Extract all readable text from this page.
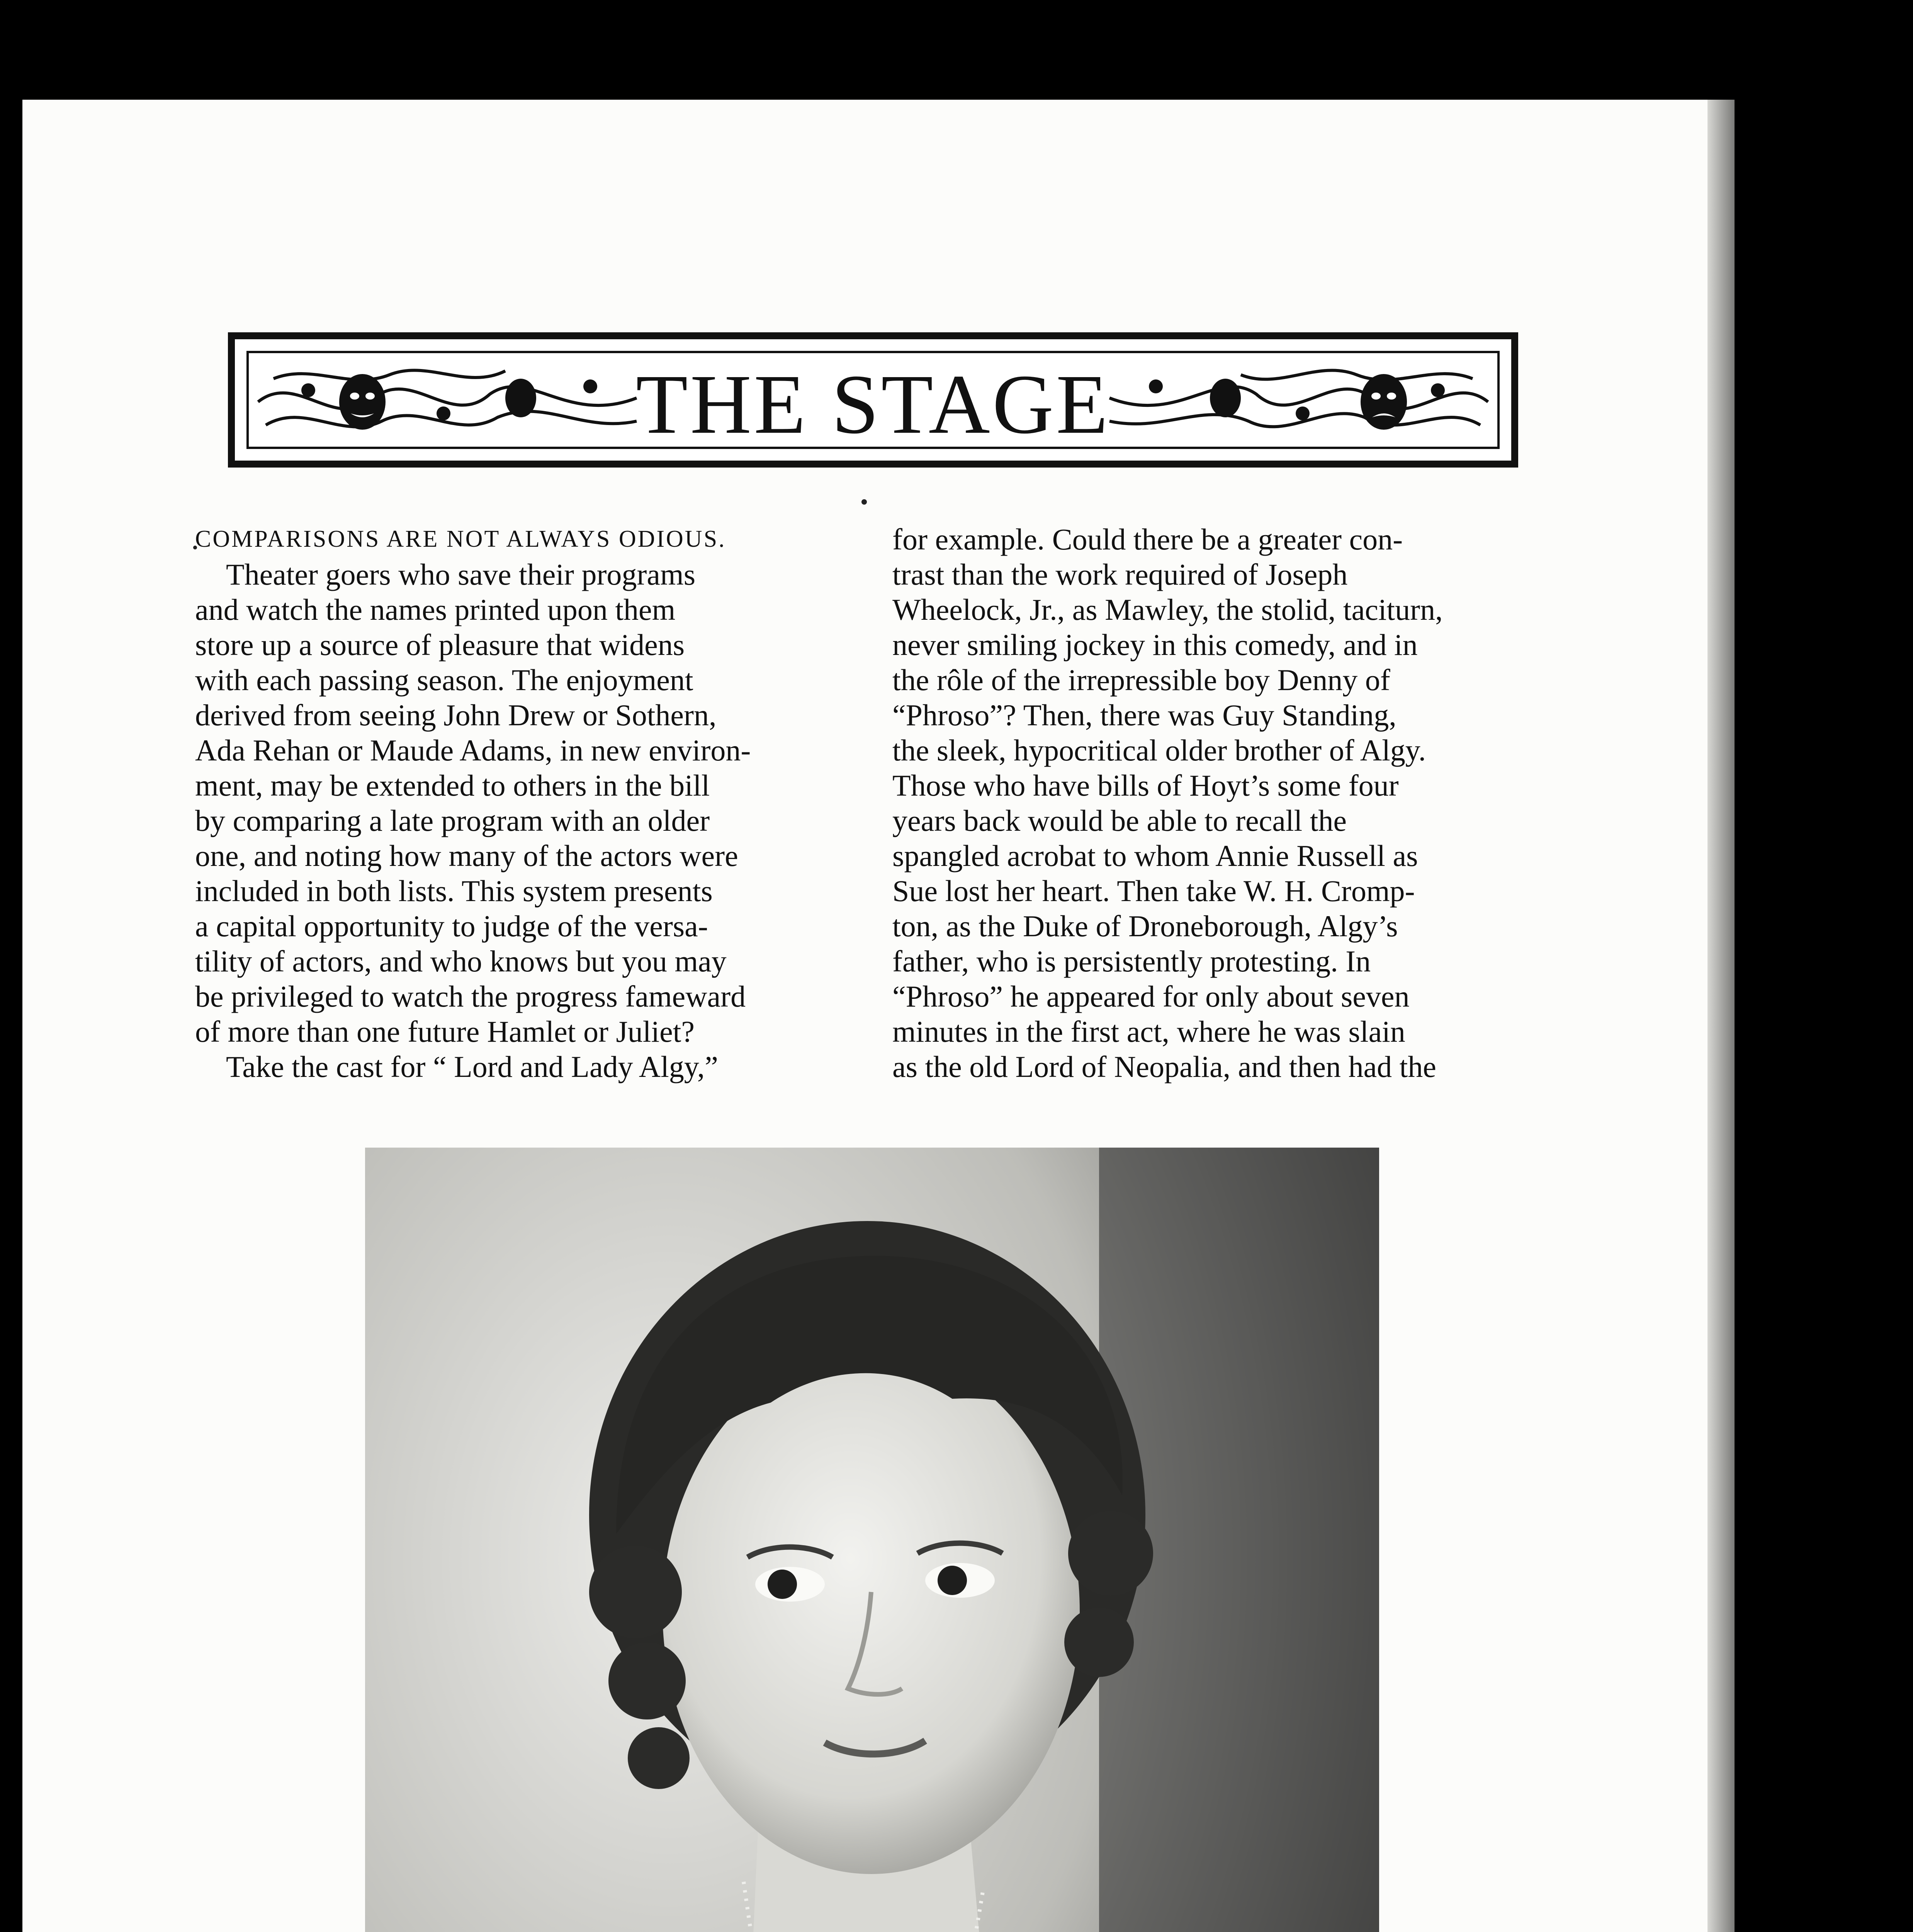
THE STAGE

COMPARISONS ARE NOT ALWAYS ODIOUS.

Theater goers who save their programs

and watch the names printed upon them

store up a source of pleasure that widens

with each passing season. The enjoyment

derived from seeing John Drew or Sothern,

Ada Rehan or Maude Adams, in new environ-

ment, may be extended to others in the bill

by comparing a late program with an older

one, and noting how many of the actors were

included in both lists. This system presents

a capital opportunity to judge of the versa-

tility of actors, and who knows but you may

be privileged to watch the progress fameward

of more than one future Hamlet or Juliet?

Take the cast for “ Lord and Lady Algy,”

for example. Could there be a greater con-

trast than the work required of Joseph

Wheelock, Jr., as Mawley, the stolid, taciturn,

never smiling jockey in this comedy, and in

the rôle of the irrepressible boy Denny of

“Phroso”? Then, there was Guy Standing,

the sleek, hypocritical older brother of Algy.

Those who have bills of Hoyt’s some four

years back would be able to recall the

spangled acrobat to whom Annie Russell as

Sue lost her heart. Then take W. H. Cromp-

ton, as the Duke of Droneborough, Algy’s

father, who is persistently protesting. In

“Phroso” he appeared for only about seven

minutes in the first act, where he was slain

as the old Lord of Neopalia, and then had the
